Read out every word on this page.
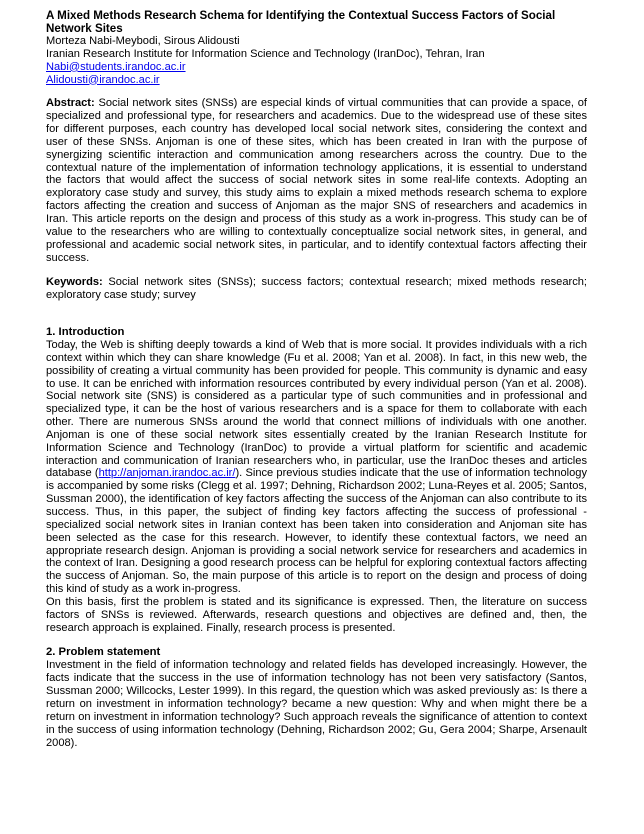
A Mixed Methods Research Schema for Identifying the Contextual Success Factors of Social Network Sites
Morteza Nabi-Meybodi, Sirous Alidousti
Iranian Research Institute for Information Science and Technology (IranDoc), Tehran, Iran
Nabi@students.irandoc.ac.ir
Alidousti@irandoc.ac.ir
Abstract: Social network sites (SNSs) are especial kinds of virtual communities that can provide a space, of specialized and professional type, for researchers and academics. Due to the widespread use of these sites for different purposes, each country has developed local social network sites, considering the context and user of these SNSs. Anjoman is one of these sites, which has been created in Iran with the purpose of synergizing scientific interaction and communication among researchers across the country. Due to the contextual nature of the implementation of information technology applications, it is essential to understand the factors that would affect the success of social network sites in some real-life contexts. Adopting an exploratory case study and survey, this study aims to explain a mixed methods research schema to explore factors affecting the creation and success of Anjoman as the major SNS of researchers and academics in Iran. This article reports on the design and process of this study as a work in-progress. This study can be of value to the researchers who are willing to contextually conceptualize social network sites, in general, and professional and academic social network sites, in particular, and to identify contextual factors affecting their success.
Keywords: Social network sites (SNSs); success factors; contextual research; mixed methods research; exploratory case study; survey
1. Introduction

Today, the Web is shifting deeply towards a kind of Web that is more social. It provides individuals with a rich context within which they can share knowledge (Fu et al. 2008; Yan et al. 2008). In fact, in this new web, the possibility of creating a virtual community has been provided for people. This community is dynamic and easy to use. It can be enriched with information resources contributed by every individual person (Yan et al. 2008). Social network site (SNS) is considered as a particular type of such communities and in professional and specialized type, it can be the host of various researchers and is a space for them to collaborate with each other. There are numerous SNSs around the world that connect millions of individuals with one another. Anjoman is one of these social network sites essentially created by the Iranian Research Institute for Information Science and Technology (IranDoc) to provide a virtual platform for scientific and academic interaction and communication of Iranian researchers who, in particular, use the IranDoc theses and articles database (http://anjoman.irandoc.ac.ir/). Since previous studies indicate that the use of information technology is accompanied by some risks (Clegg et al. 1997; Dehning, Richardson 2002; Luna-Reyes et al. 2005; Santos, Sussman 2000), the identification of key factors affecting the success of the Anjoman can also contribute to its success. Thus, in this paper, the subject of finding key factors affecting the success of professional - specialized social network sites in Iranian context has been taken into consideration and Anjoman site has been selected as the case for this research. However, to identify these contextual factors, we need an appropriate research design. Anjoman is providing a social network service for researchers and academics in the context of Iran. Designing a good research process can be helpful for exploring contextual factors affecting the success of Anjoman. So, the main purpose of this article is to report on the design and process of doing this kind of study as a work in-progress.

On this basis, first the problem is stated and its significance is expressed. Then, the literature on success factors of SNSs is reviewed. Afterwards, research questions and objectives are defined and, then, the research approach is explained. Finally, research process is presented.

2. Problem statement

Investment in the field of information technology and related fields has developed increasingly. However, the facts indicate that the success in the use of information technology has not been very satisfactory (Santos, Sussman 2000; Willcocks, Lester 1999). In this regard, the question which was asked previously as: Is there a return on investment in information technology? became a new question: Why and when might there be a return on investment in information technology? Such approach reveals the significance of attention to context in the success of using information technology (Dehning, Richardson 2002; Gu, Gera 2004; Sharpe, Arsenault 2008).
